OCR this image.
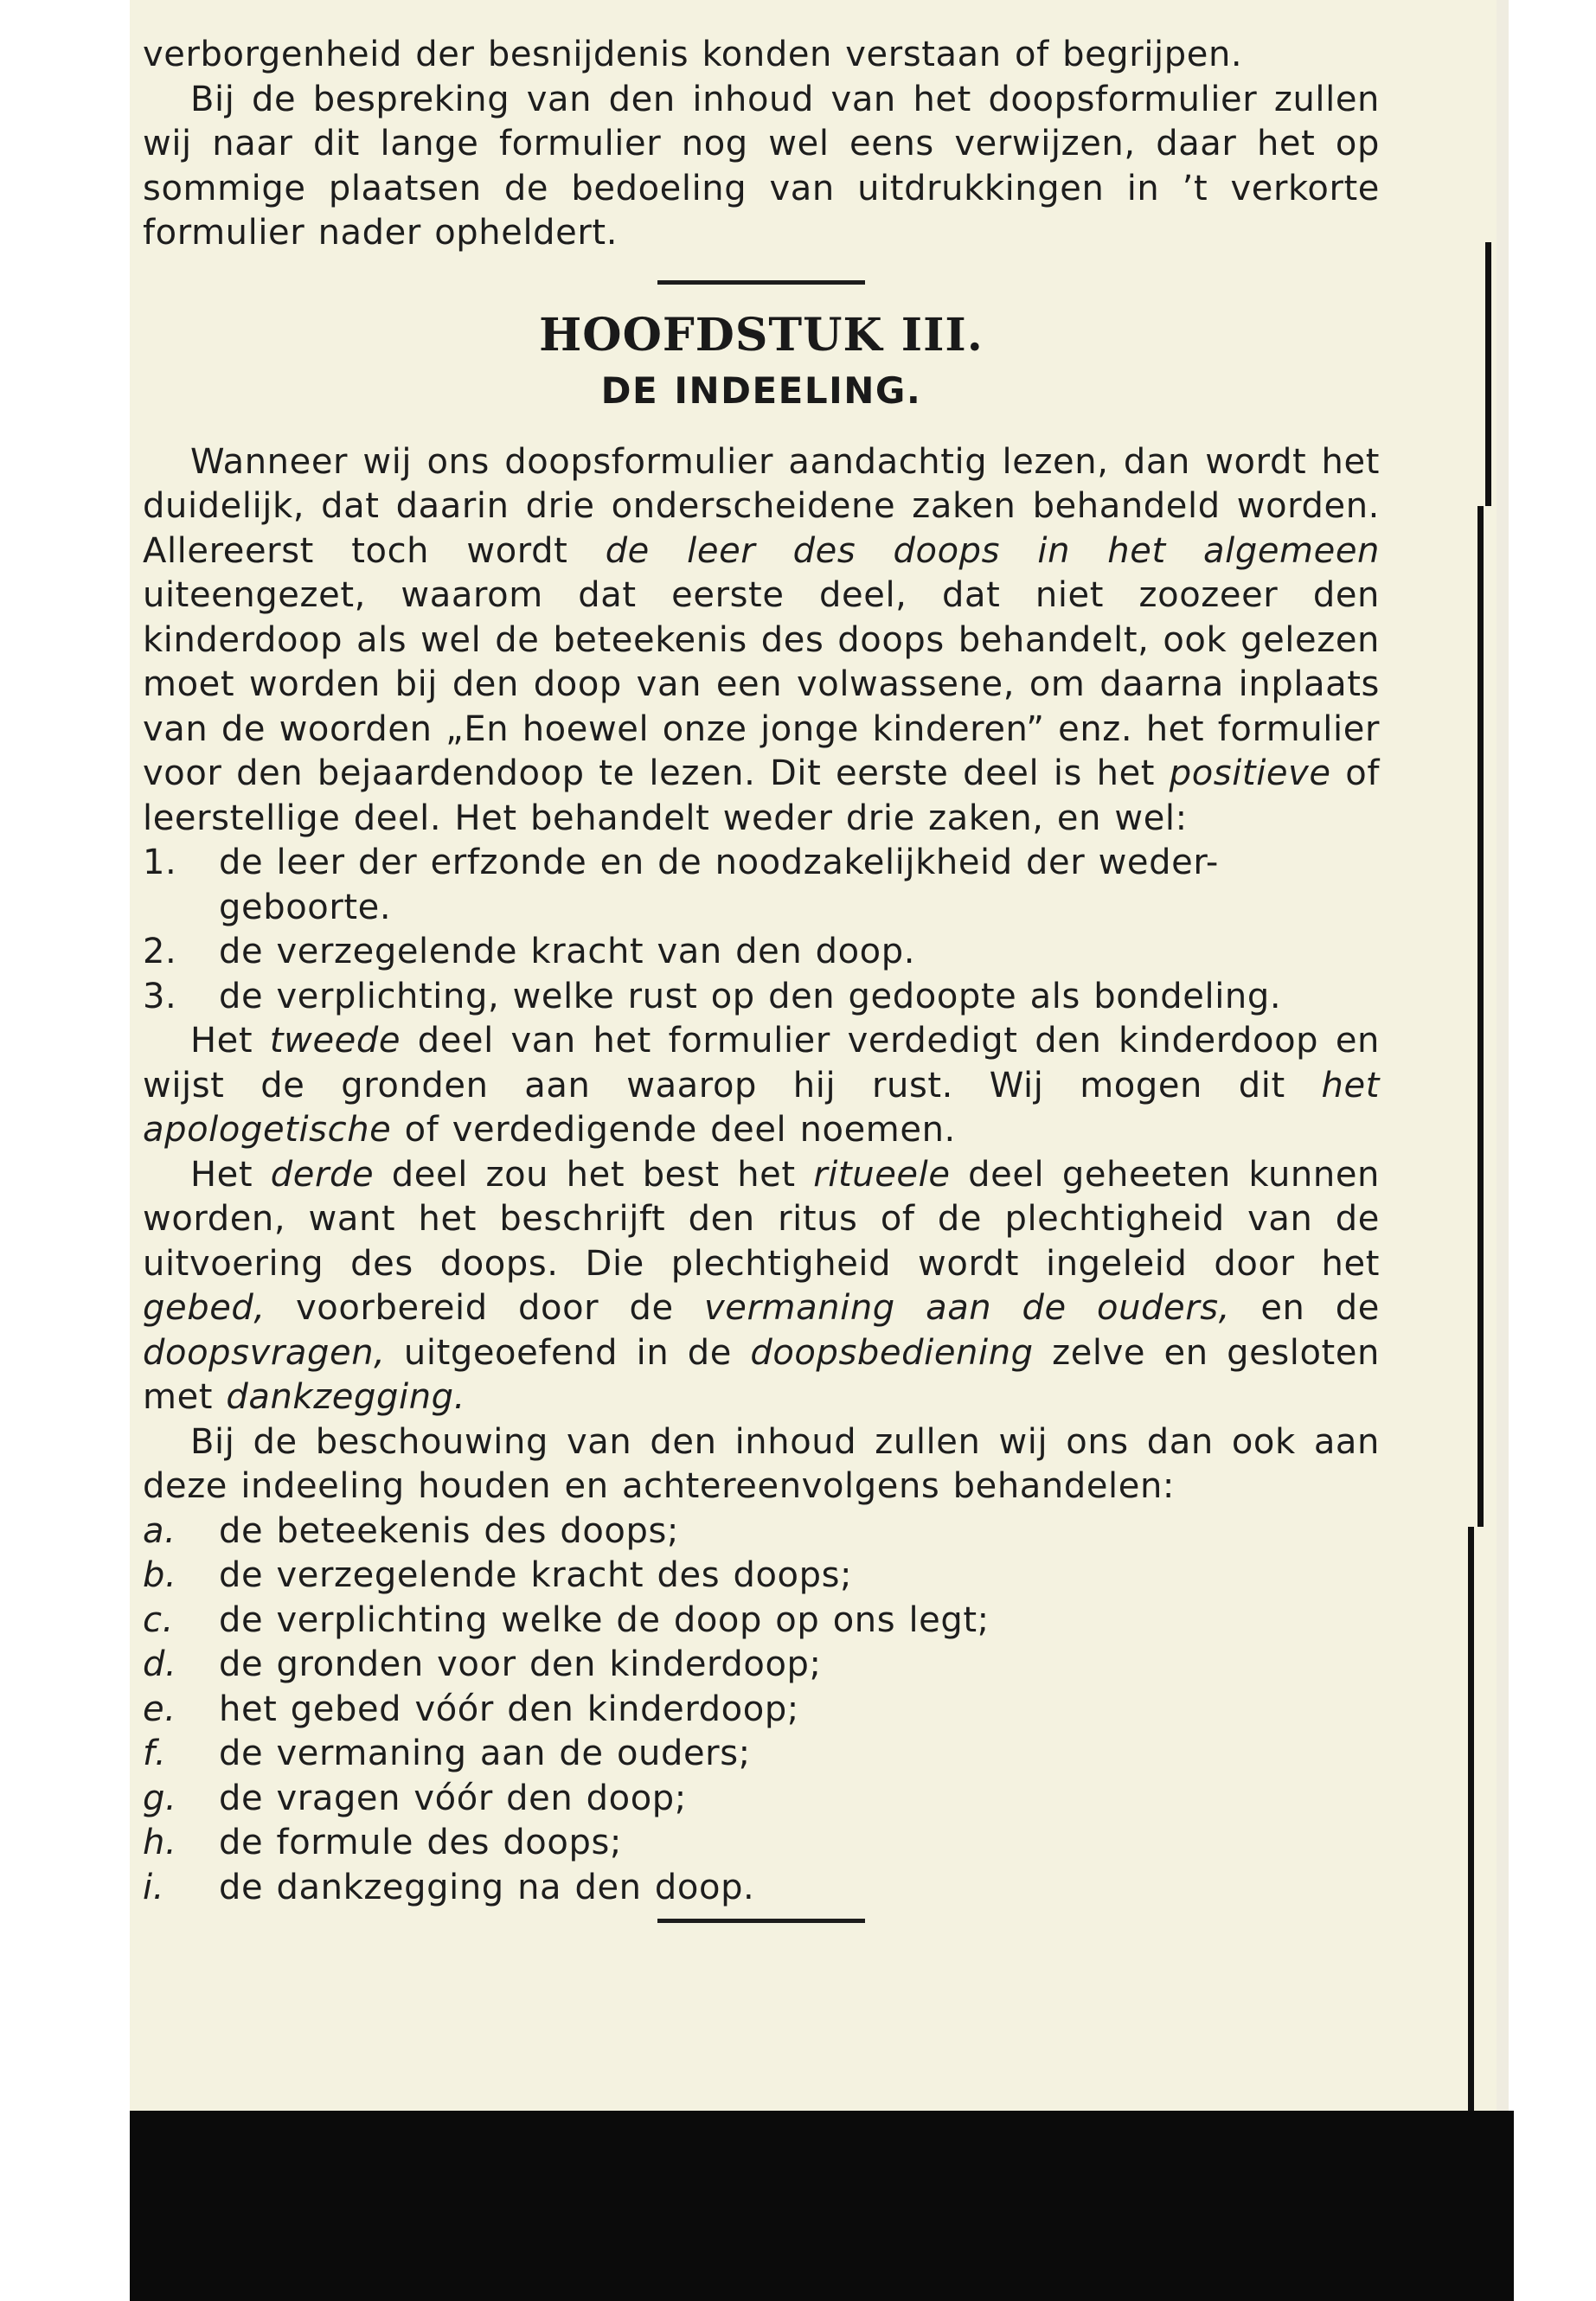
verborgenheid der besnijdenis konden verstaan of begrijpen.

Bij de bespreking van den inhoud van het doopsformulier zullen wij naar dit lange formulier nog wel eens verwijzen, daar het op sommige plaatsen de bedoeling van uitdrukkingen in ’t verkorte formulier nader opheldert.

HOOFDSTUK III.
DE INDEELING.

Wanneer wij ons doopsformulier aandachtig lezen, dan wordt het duidelijk, dat daarin drie onderscheidene zaken behandeld worden. Allereerst toch wordt de leer des doops in het algemeen uiteengezet, waarom dat eerste deel, dat niet zoozeer den kinderdoop als wel de beteekenis des doops behandelt, ook gelezen moet worden bij den doop van een volwassene, om daarna inplaats van de woorden „En hoewel onze jonge kinderen” enz. het formulier voor den bejaardendoop te lezen. Dit eerste deel is het positieve of leerstellige deel. Het behandelt weder drie zaken, en wel:

1.	de leer der erfzonde en de noodzakelijkheid der weder-
geboorte.
2.	de verzegelende kracht van den doop.
3.	de verplichting, welke rust op den gedoopte als bondeling.

Het tweede deel van het formulier verdedigt den kinderdoop en wijst de gronden aan waarop hij rust. Wij mogen dit het apologetische of verdedigende deel noemen.

Het derde deel zou het best het ritueele deel geheeten kunnen worden, want het beschrijft den ritus of de plechtigheid van de uitvoering des doops. Die plechtigheid wordt ingeleid door het gebed, voorbereid door de vermaning aan de ouders, en de doopsvragen, uitgeoefend in de doopsbediening zelve en gesloten met dankzegging.

Bij de beschouwing van den inhoud zullen wij ons dan ook aan deze indeeling houden en achtereenvolgens behandelen:

a.	de beteekenis des doops;
b.	de verzegelende kracht des doops;
c.	de verplichting welke de doop op ons legt;
d.	de gronden voor den kinderdoop;
e.	het gebed vóór den kinderdoop;
f.	de vermaning aan de ouders;
g.	de vragen vóór den doop;
h.	de formule des doops;
i.	de dankzegging na den doop.
